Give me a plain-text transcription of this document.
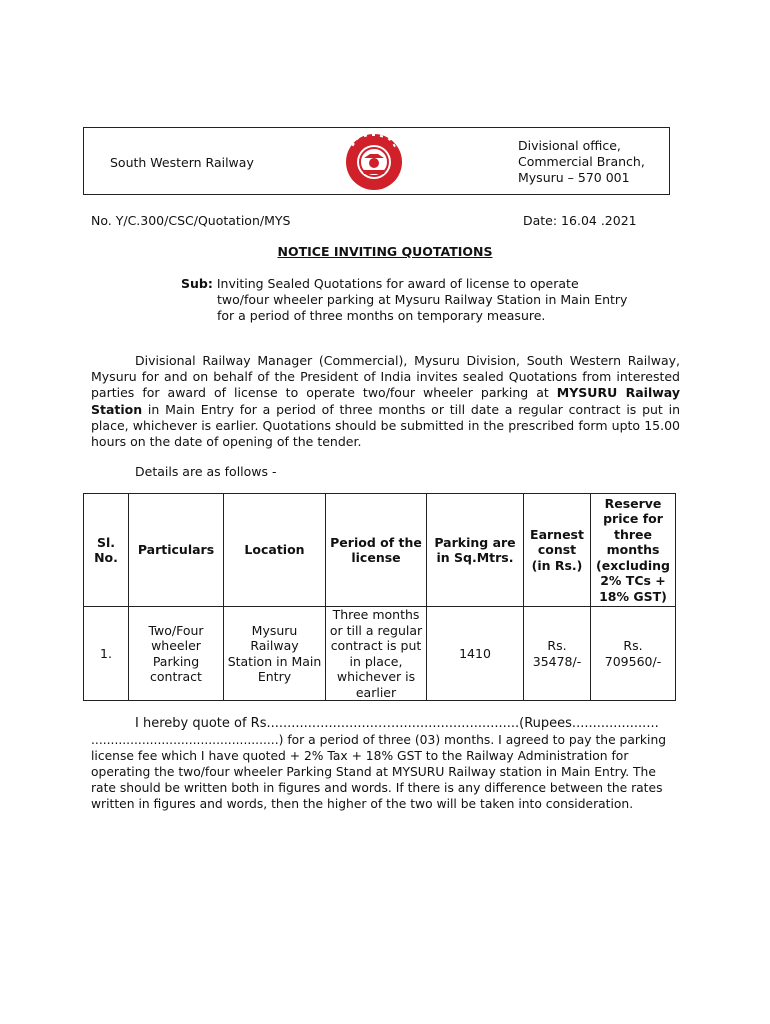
South Western Railway
Divisional office,
Commercial Branch,
Mysuru – 570 001
No. Y/C.300/CSC/Quotation/MYS	Date: 16.04 .2021
NOTICE INVITING QUOTATIONS
Sub: Inviting Sealed Quotations for award of license to operate
two/four wheeler parking at Mysuru Railway Station in Main Entry
for a period of three months on temporary measure.
Divisional Railway Manager (Commercial), Mysuru Division, South Western Railway, Mysuru for and on behalf of the President of India invites sealed Quotations from interested parties for award of license to operate two/four wheeler parking at MYSURU Railway Station in Main Entry for a period of three months or till date a regular contract is put in place, whichever is earlier. Quotations should be submitted in the prescribed form upto 15.00 hours on the date of opening of the tender.
Details are as follows -
Sl. No.	Particulars	Location	Period of the license	Parking are in Sq.Mtrs.	Earnest const (in Rs.)	Reserve price for three months (excluding 2% TCs + 18% GST)
1.	Two/Four wheeler Parking contract	Mysuru Railway Station in Main Entry	Three months or till a regular contract is put in place, whichever is earlier	1410	Rs. 35478/-	Rs. 709560/-
I hereby quote of Rs...........................…...............................(Rupees.....................
................................................) for a period of three (03) months. I agreed to pay the parking
license fee which I have quoted + 2% Tax + 18% GST to the Railway Administration for
operating the two/four wheeler Parking Stand at MYSURU Railway station in Main Entry. The
rate should be written both in figures and words. If there is any difference between the rates
written in figures and words, then the higher of the two will be taken into consideration.
